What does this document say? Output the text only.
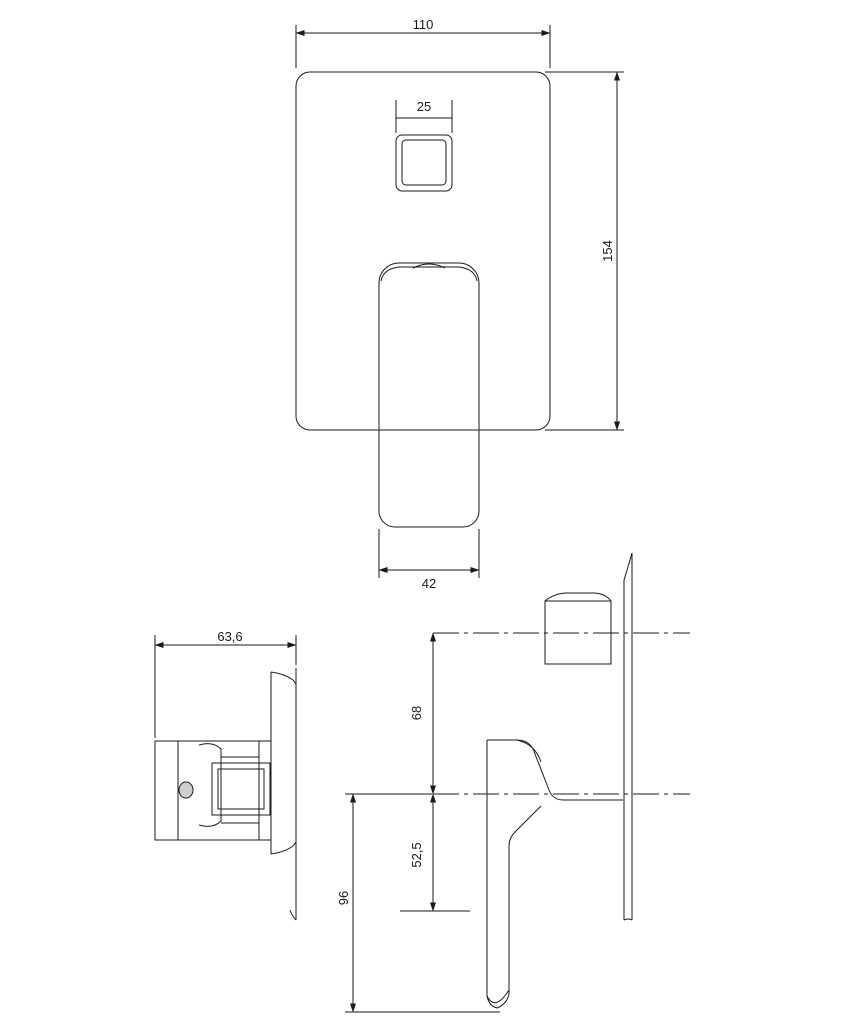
110
25
154
42
63,6
96
68
52,5
